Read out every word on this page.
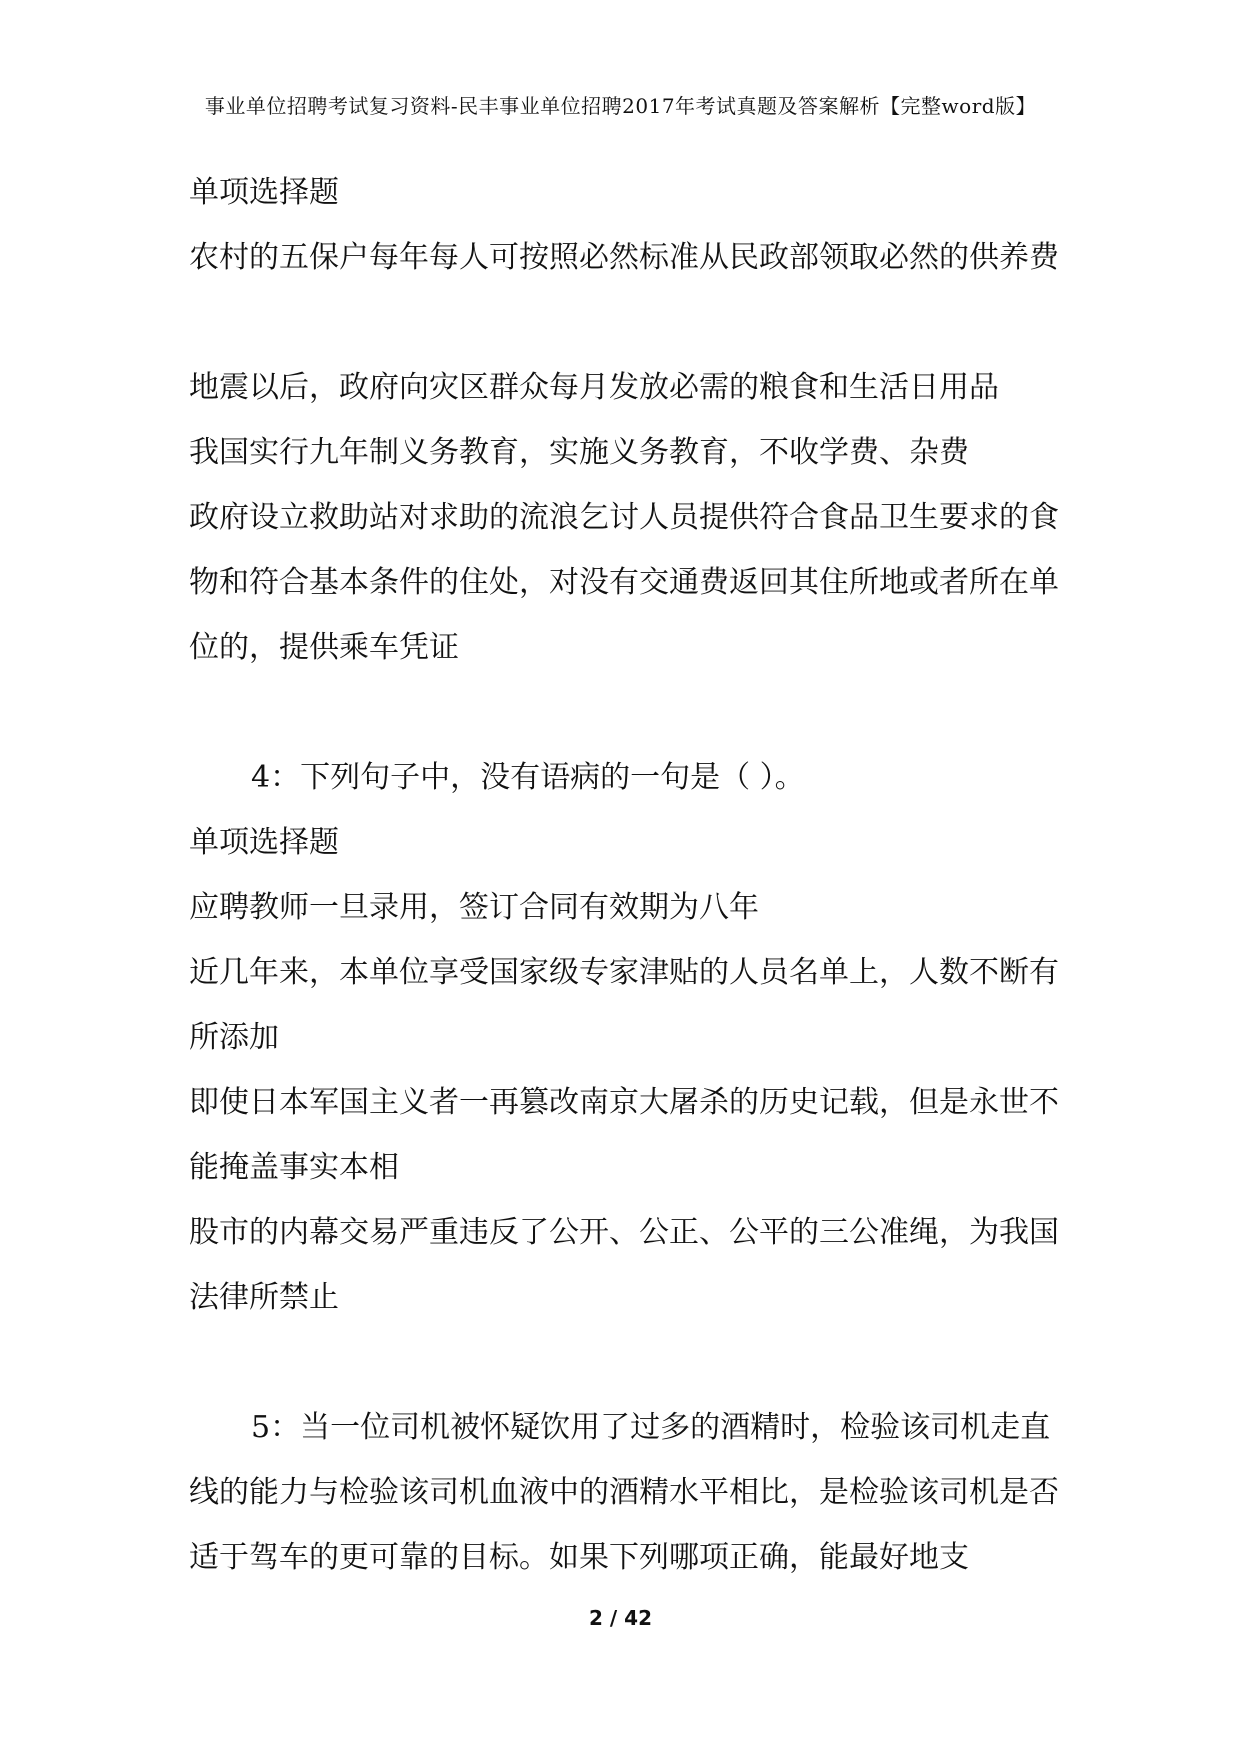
事业单位招聘考试复习资料-民丰事业单位招聘2017年考试真题及答案解析【完整word版】
单项选择题
农村的五保户每年每人可按照必然标准从民政部领取必然的供养费
地震以后，政府向灾区群众每月发放必需的粮食和生活日用品
我国实行九年制义务教育，实施义务教育，不收学费、杂费
政府设立救助站对求助的流浪乞讨人员提供符合食品卫生要求的食物和符合基本条件的住处，对没有交通费返回其住所地或者所在单位的，提供乘车凭证
4：下列句子中，没有语病的一句是（ ）。
单项选择题
应聘教师一旦录用，签订合同有效期为八年
近几年来，本单位享受国家级专家津贴的人员名单上，人数不断有所添加
即使日本军国主义者一再篡改南京大屠杀的历史记载，但是永世不能掩盖事实本相
股市的内幕交易严重违反了公开、公正、公平的三公准绳，为我国法律所禁止
5：当一位司机被怀疑饮用了过多的酒精时，检验该司机走直线的能力与检验该司机血液中的酒精水平相比，是检验该司机是否适于驾车的更可靠的目标。如果下列哪项正确，能最好地支
2 / 42
